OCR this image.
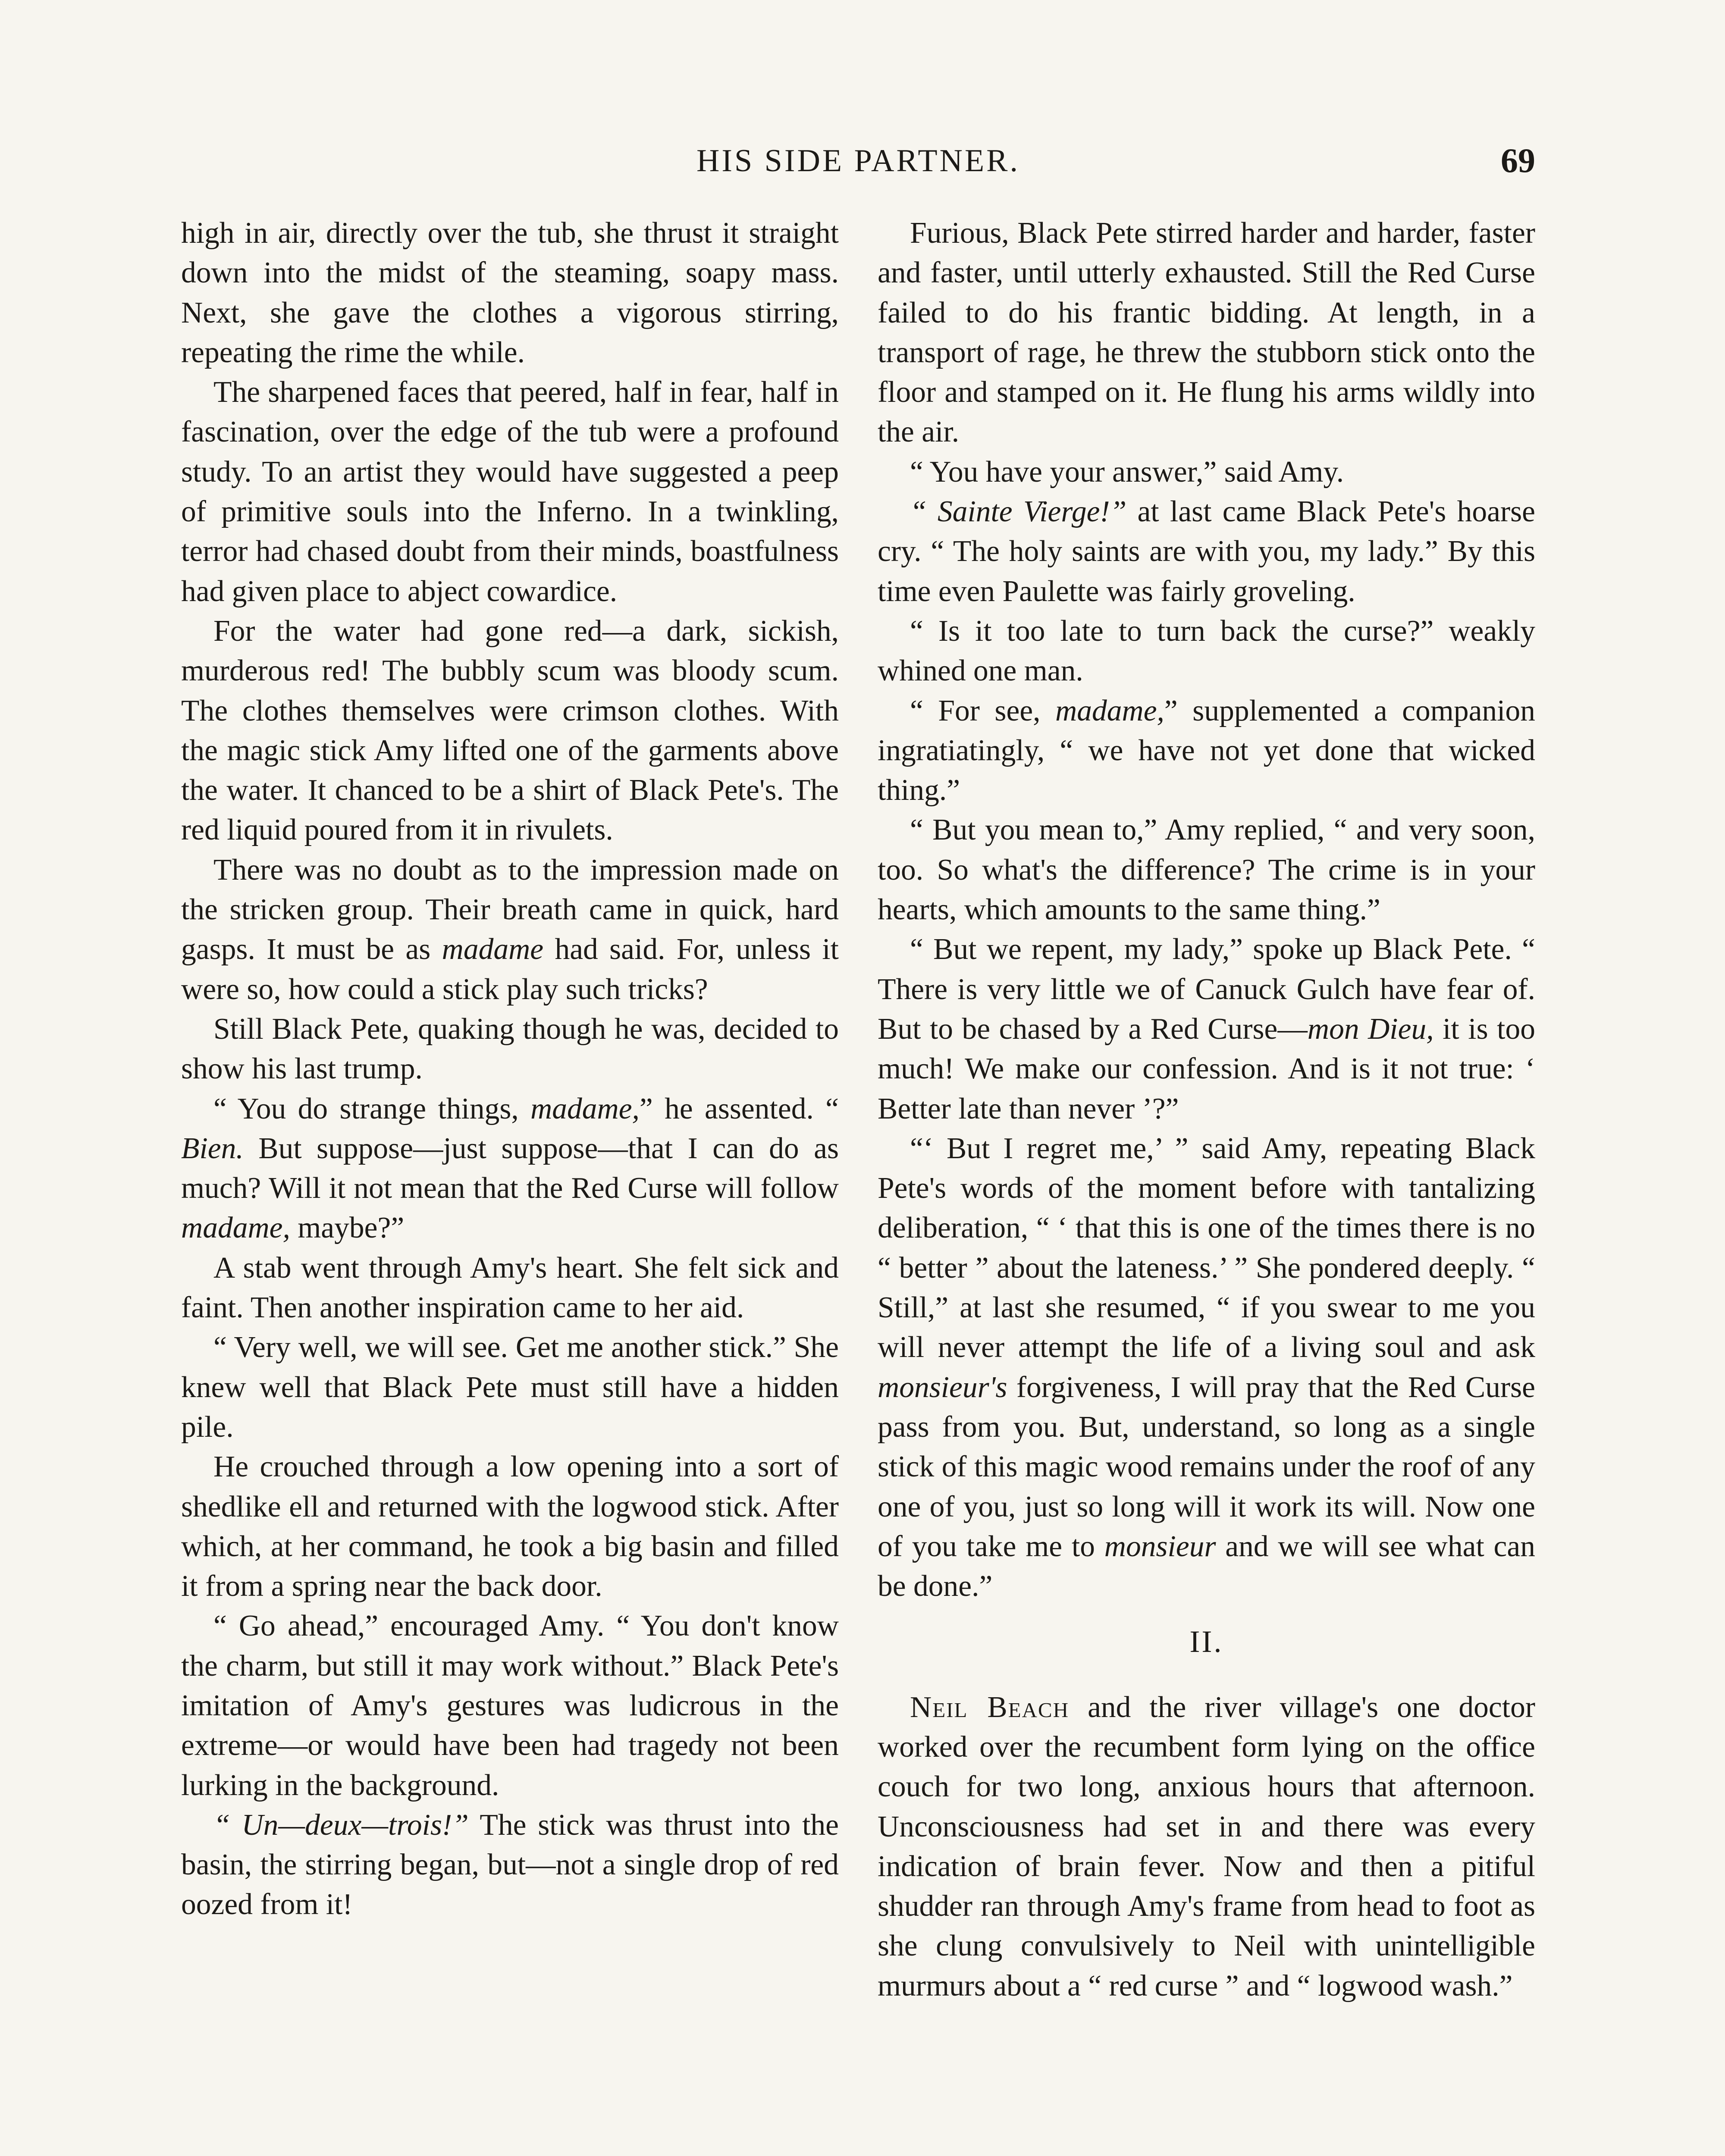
HIS SIDE PARTNER.	69

high in air, directly over the tub, she thrust it straight down into the midst of the steaming, soapy mass. Next, she gave the clothes a vigorous stirring, repeating the rime the while.

The sharpened faces that peered, half in fear, half in fascination, over the edge of the tub were a profound study. To an artist they would have suggested a peep of primitive souls into the Inferno. In a twinkling, terror had chased doubt from their minds, boastfulness had given place to abject cowardice.

For the water had gone red—a dark, sickish, murderous red! The bubbly scum was bloody scum. The clothes themselves were crimson clothes. With the magic stick Amy lifted one of the garments above the water. It chanced to be a shirt of Black Pete's. The red liquid poured from it in rivulets.

There was no doubt as to the impression made on the stricken group. Their breath came in quick, hard gasps. It must be as madame had said. For, unless it were so, how could a stick play such tricks?

Still Black Pete, quaking though he was, decided to show his last trump.

“ You do strange things, madame,” he assented. “ Bien. But suppose—just suppose—that I can do as much? Will it not mean that the Red Curse will follow madame, maybe?”

A stab went through Amy's heart. She felt sick and faint. Then another inspiration came to her aid.

“ Very well, we will see. Get me another stick.” She knew well that Black Pete must still have a hidden pile.

He crouched through a low opening into a sort of shedlike ell and returned with the logwood stick. After which, at her command, he took a big basin and filled it from a spring near the back door.

“ Go ahead,” encouraged Amy. “ You don't know the charm, but still it may work without.” Black Pete's imitation of Amy's gestures was ludicrous in the extreme—or would have been had tragedy not been lurking in the background.

“ Un—deux—trois!” The stick was thrust into the basin, the stirring began, but—not a single drop of red oozed from it!

Furious, Black Pete stirred harder and harder, faster and faster, until utterly exhausted. Still the Red Curse failed to do his frantic bidding. At length, in a transport of rage, he threw the stubborn stick onto the floor and stamped on it. He flung his arms wildly into the air.

“ You have your answer,” said Amy.

“ Sainte Vierge!” at last came Black Pete's hoarse cry. “ The holy saints are with you, my lady.” By this time even Paulette was fairly groveling.

“ Is it too late to turn back the curse?” weakly whined one man.

“ For see, madame,” supplemented a companion ingratiatingly, “ we have not yet done that wicked thing.”

“ But you mean to,” Amy replied, “ and very soon, too. So what's the difference? The crime is in your hearts, which amounts to the same thing.”

“ But we repent, my lady,” spoke up Black Pete. “ There is very little we of Canuck Gulch have fear of. But to be chased by a Red Curse—mon Dieu, it is too much! We make our confession. And is it not true: ‘ Better late than never ’?”

“‘ But I regret me,’ ” said Amy, repeating Black Pete's words of the moment before with tantalizing deliberation, “ ‘ that this is one of the times there is no “ better ” about the lateness.’ ” She pondered deeply. “ Still,” at last she resumed, “ if you swear to me you will never attempt the life of a living soul and ask monsieur's forgiveness, I will pray that the Red Curse pass from you. But, understand, so long as a single stick of this magic wood remains under the roof of any one of you, just so long will it work its will. Now one of you take me to monsieur and we will see what can be done.”

II.

Neil Beach and the river village's one doctor worked over the recumbent form lying on the office couch for two long, anxious hours that afternoon. Unconsciousness had set in and there was every indication of brain fever. Now and then a pitiful shudder ran through Amy's frame from head to foot as she clung convulsively to Neil with unintelligible murmurs about a “ red curse ” and “ logwood wash.”
